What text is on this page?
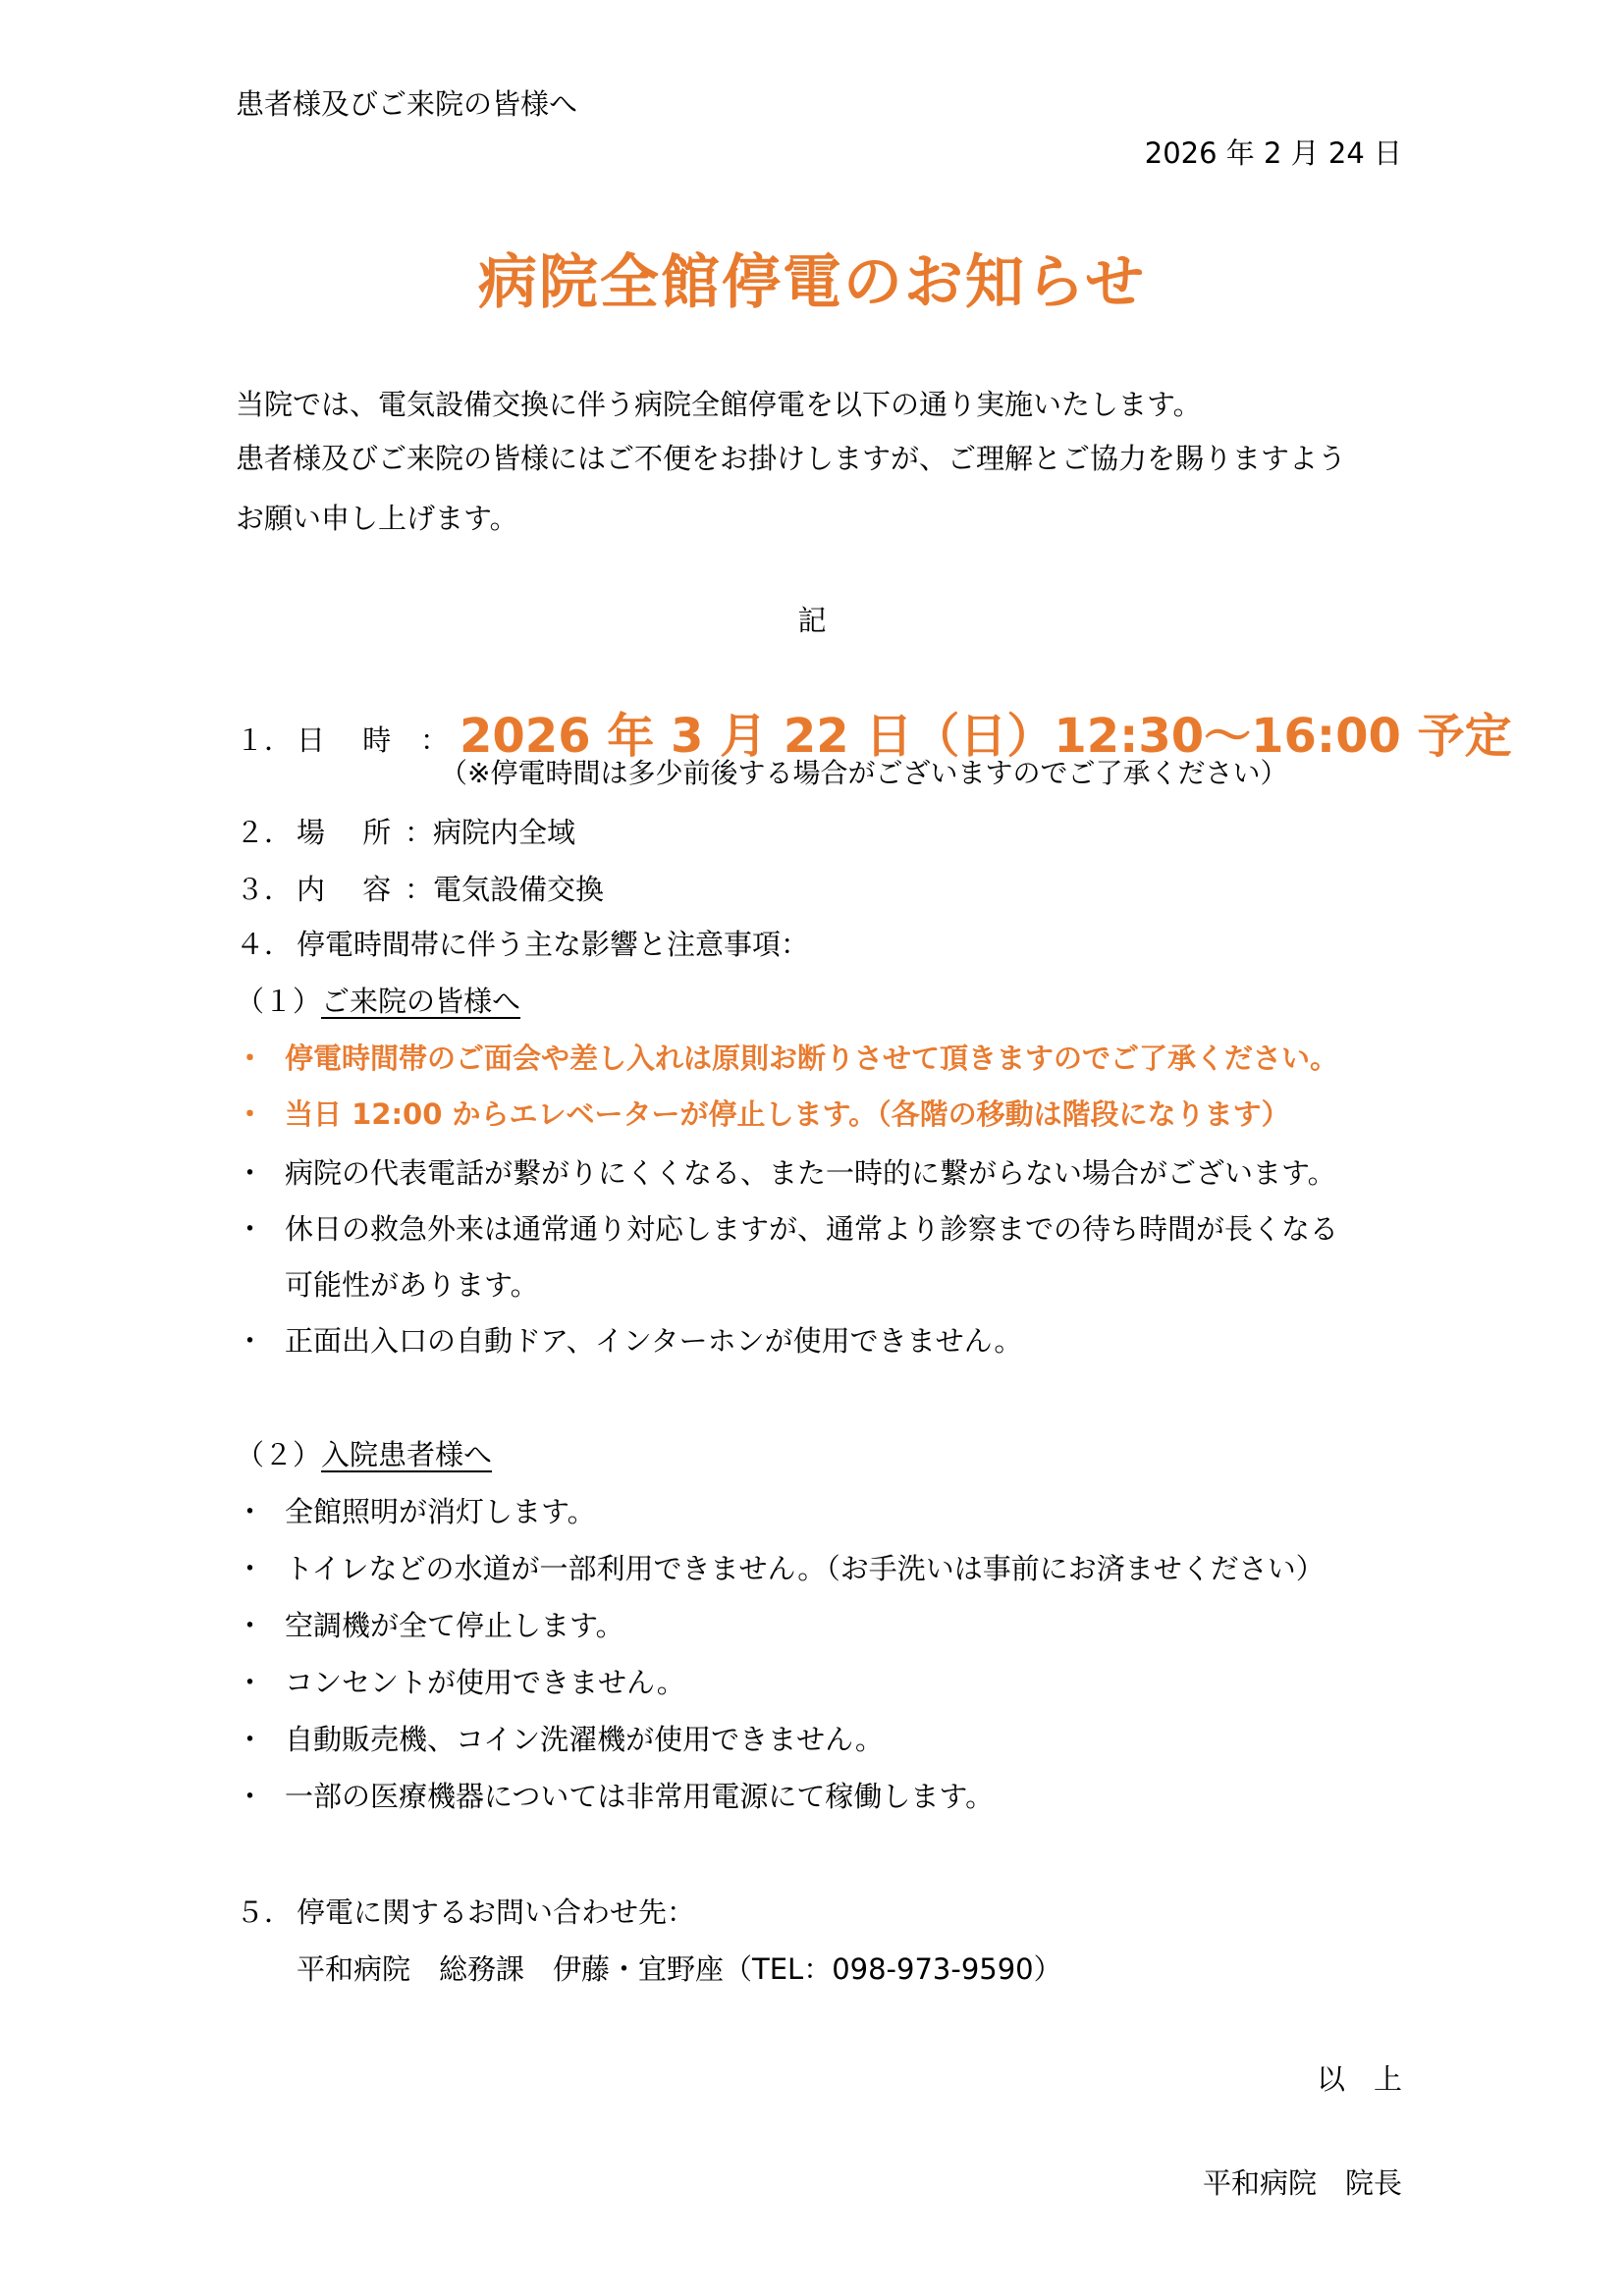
患者様及びご来院の皆様へ
2026 年 2 月 24 日
病院全館停電のお知らせ
当院では、電気設備交換に伴う病院全館停電を以下の通り実施いたします。
患者様及びご来院の皆様にはご不便をお掛けしますが、ご理解とご協力を賜りますよう
お願い申し上げます。
記
１． 日　 時 ： 2026 年 3 月 22 日（日）12:30～16:00 予定
（※停電時間は多少前後する場合がございますのでご了承ください）
２． 場　 所 ：病院内全域
３． 内　 容 ：電気設備交換
４． 停電時間帯に伴う主な影響と注意事項：
（１）ご来院の皆様へ
・ 停電時間帯のご面会や差し入れは原則お断りさせて頂きますのでご了承ください。
・ 当日 12:00 からエレベーターが停止します。（各階の移動は階段になります）
・ 病院の代表電話が繋がりにくくなる、また一時的に繋がらない場合がございます。
・ 休日の救急外来は通常通り対応しますが、通常より診察までの待ち時間が長くなる
可能性があります。
・ 正面出入口の自動ドア、インターホンが使用できません。
（２）入院患者様へ
・ 全館照明が消灯します。
・ トイレなどの水道が一部利用できません。（お手洗いは事前にお済ませください）
・ 空調機が全て停止します。
・ コンセントが使用できません。
・ 自動販売機、コイン洗濯機が使用できません。
・ 一部の医療機器については非常用電源にて稼働します。
５． 停電に関するお問い合わせ先：
平和病院　総務課　伊藤・宜野座（TEL：098-973-9590）
以　上
平和病院　院長
